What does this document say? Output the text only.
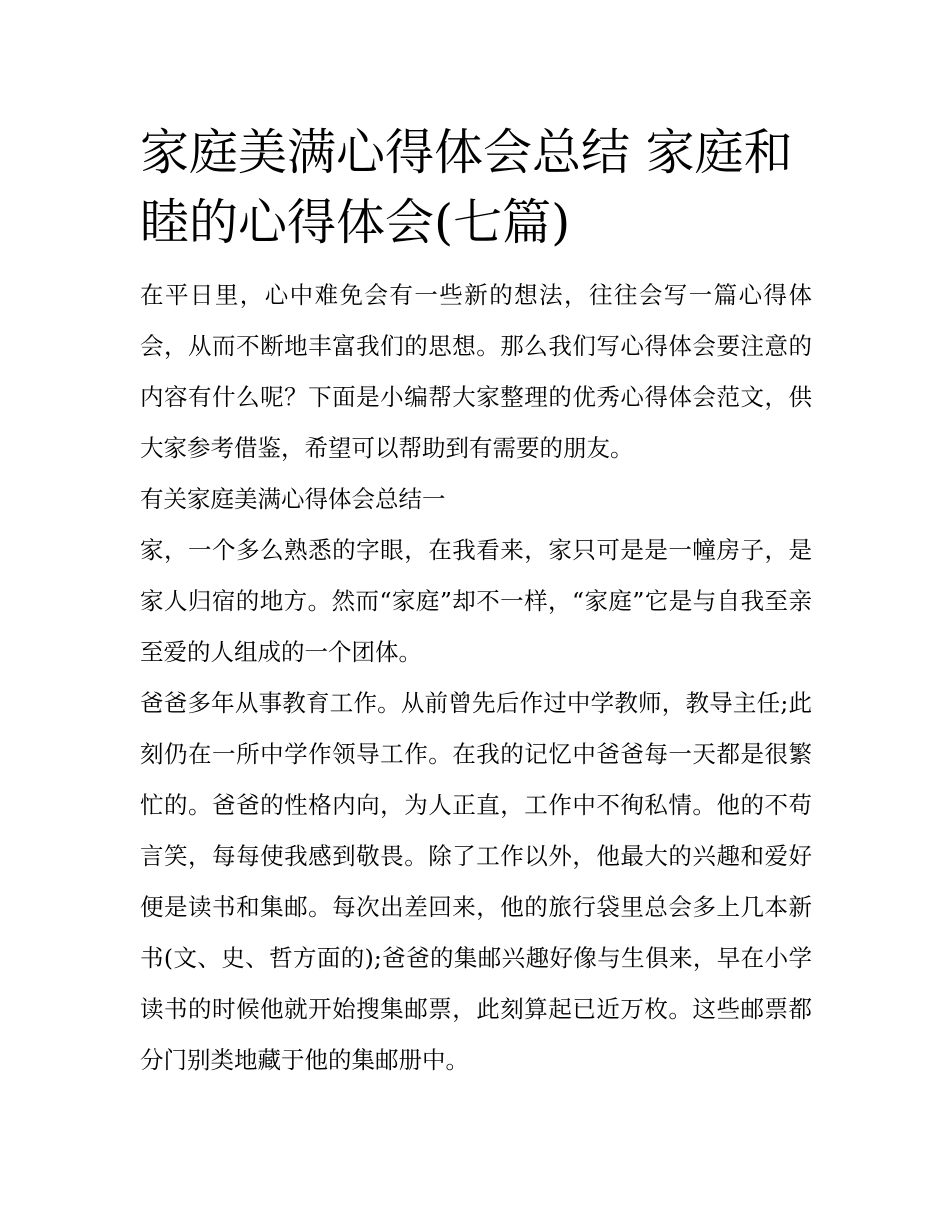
家庭美满心得体会总结 家庭和睦的心得体会(七篇)

在平日里，心中难免会有一些新的想法，往往会写一篇心得体会，从而不断地丰富我们的思想。那么我们写心得体会要注意的内容有什么呢？下面是小编帮大家整理的优秀心得体会范文，供大家参考借鉴，希望可以帮助到有需要的朋友。

有关家庭美满心得体会总结一

家，一个多么熟悉的字眼，在我看来，家只可是是一幢房子，是家人归宿的地方。然而“家庭”却不一样，“家庭”它是与自我至亲至爱的人组成的一个团体。

爸爸多年从事教育工作。从前曾先后作过中学教师，教导主任;此刻仍在一所中学作领导工作。在我的记忆中爸爸每一天都是很繁忙的。爸爸的性格内向，为人正直，工作中不徇私情。他的不苟言笑，每每使我感到敬畏。除了工作以外，他最大的兴趣和爱好便是读书和集邮。每次出差回来，他的旅行袋里总会多上几本新书(文、史、哲方面的);爸爸的集邮兴趣好像与生俱来，早在小学读书的时候他就开始搜集邮票，此刻算起已近万枚。这些邮票都分门别类地藏于他的集邮册中。
